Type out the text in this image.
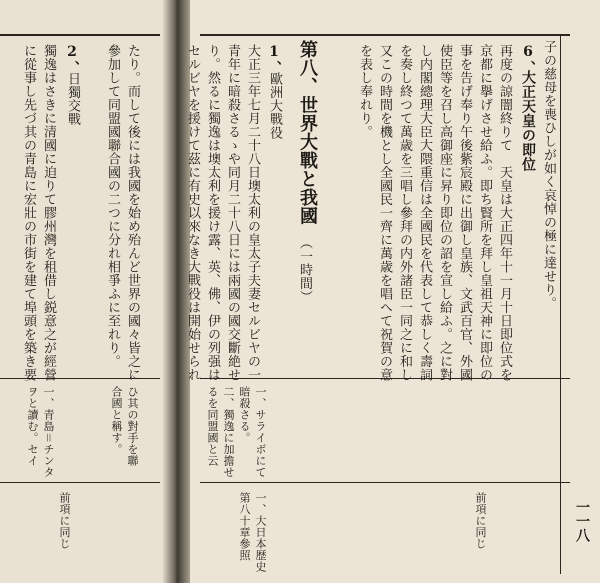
一一八
子の慈母を喪ひしが如く哀悼の極に達せり。
6、
大正天皇の即位
再度の諒闇終りて　天皇は大正四年十一月十日即位式を
京都に擧げさせ給ふ。即ち賢所を拜し皇祖天神に即位の
事を告げ奉り午後紫宸殿に出御し皇族、文武百官、外國
使臣等を召し高御座に昇り即位の詔を宣し給ふ。之に對
し内閣總理大臣大隈重信は全國民を代表して恭しく壽詞
を奏し終つて萬歳を三唱し參拜の内外諸臣一同之に和し
又この時間を機とし全國民一齊に萬歳を唱へて祝賀の意
を表し奉れり。
第八、世界大戰と我國
（一時間）
1、
歐洲大戰役
大正三年七月二十八日墺太利の皇太子夫妻セルビヤの一
青年に暗殺さるゝや同月二十八日には兩國の國交斷絶せ
り。然るに獨逸は墺太利を援け露、英、佛、伊の列强は
セルビヤを援けて茲に有史以來なき大戰役は開始せられ
たり。而して後には我國を始め殆んど世界の國々皆之に
參加して同盟國聯合國の二つに分れ相爭ふに至れり。
2、
日獨交戰
獨逸はさきに清國に迫りて膠州灣を租借し鋭意之が經營
に從事し先づ其の青島に宏壯の市街を建て埠頭を築き要
一、サライボにて
暗殺さる。
二、獨逸に加擔せ
るを同盟國と云
ひ其の對手を聯
合國と稱す。
一、青島＝チンタ
ヲと讀む。セイ
前項に同じ
一、大日本歴史
第八十章參照
前項に同じ
